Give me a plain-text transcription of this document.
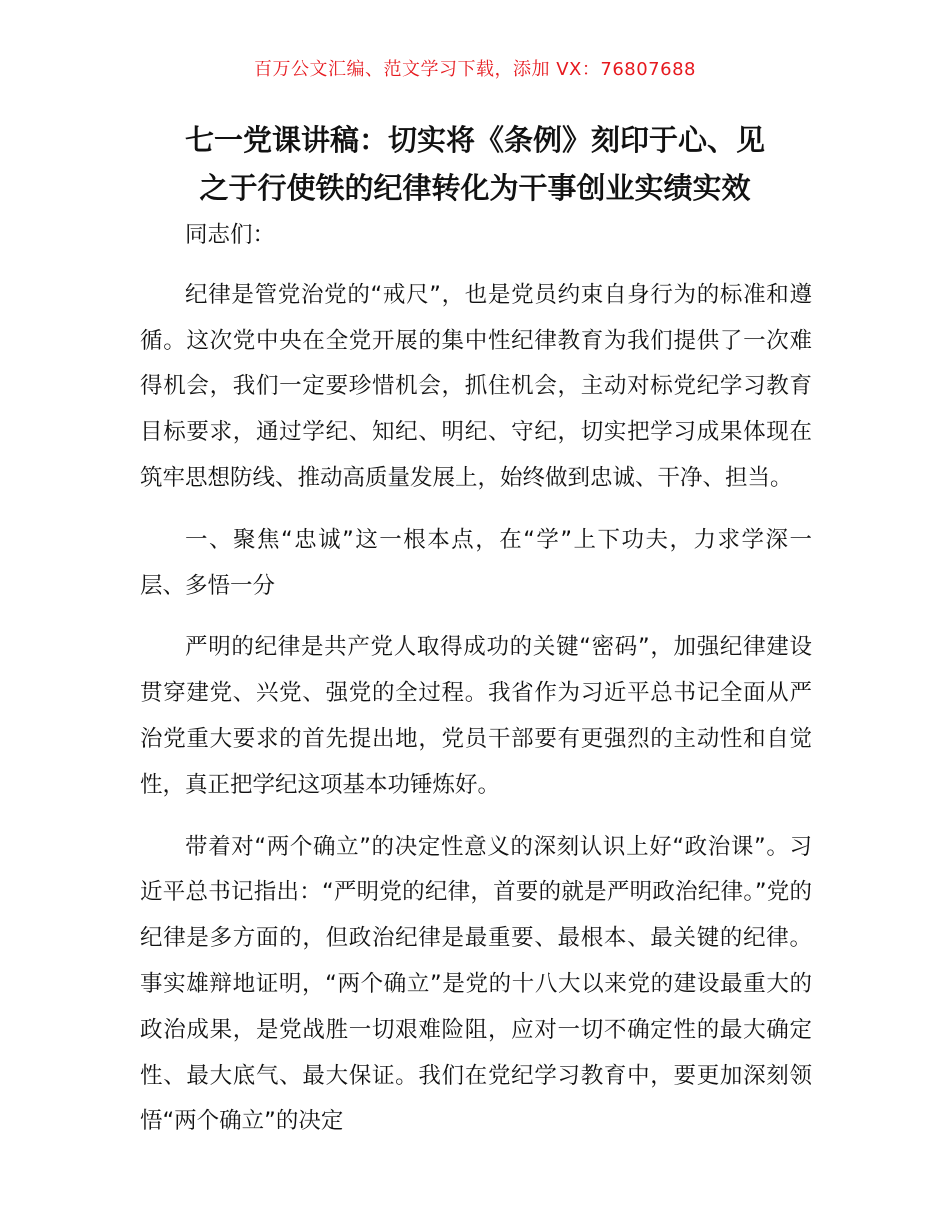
百万公文汇编、范文学习下载，添加 VX：76807688
七一党课讲稿：切实将《条例》刻印于心、见
之于行使铁的纪律转化为干事创业实绩实效

同志们：

纪律是管党治党的“戒尺”，也是党员约束自身行为的标准和遵循。这次党中央在全党开展的集中性纪律教育为我们提供了一次难得机会，我们一定要珍惜机会，抓住机会，主动对标党纪学习教育目标要求，通过学纪、知纪、明纪、守纪，切实把学习成果体现在筑牢思想防线、推动高质量发展上，始终做到忠诚、干净、担当。

一、聚焦“忠诚”这一根本点，在“学”上下功夫，力求学深一层、多悟一分

严明的纪律是共产党人取得成功的关键“密码”，加强纪律建设贯穿建党、兴党、强党的全过程。我省作为习近平总书记全面从严治党重大要求的首先提出地，党员干部要有更强烈的主动性和自觉性，真正把学纪这项基本功锤炼好。

带着对“两个确立”的决定性意义的深刻认识上好“政治课”。习近平总书记指出：“严明党的纪律，首要的就是严明政治纪律。”党的纪律是多方面的，但政治纪律是最重要、最根本、最关键的纪律。事实雄辩地证明，“两个确立”是党的十八大以来党的建设最重大的政治成果，是党战胜一切艰难险阻，应对一切不确定性的最大确定性、最大底气、最大保证。我们在党纪学习教育中，要更加深刻领悟“两个确立”的决定
